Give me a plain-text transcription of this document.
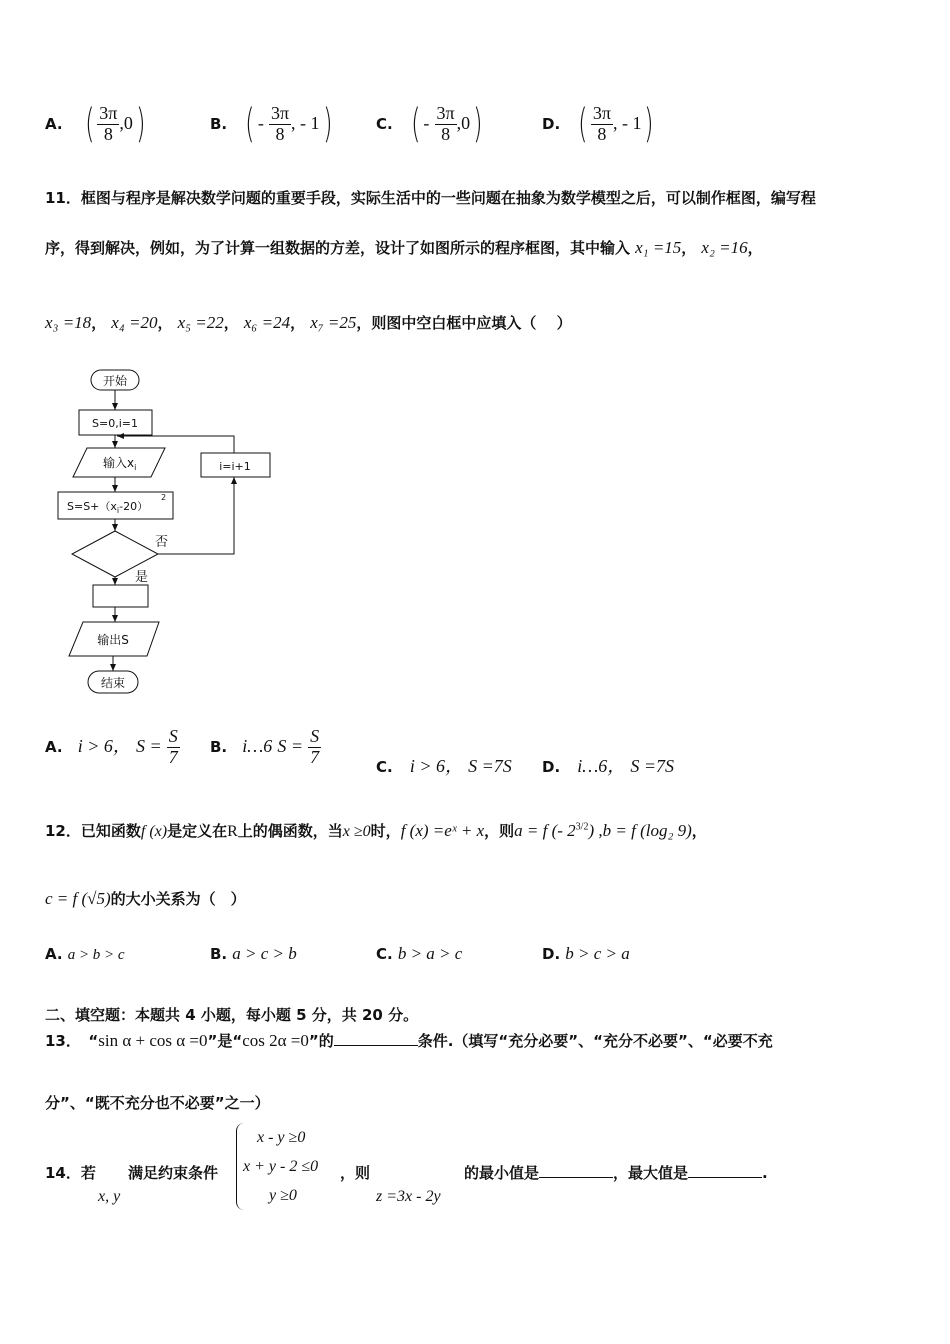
A. ( $\frac{3\pi}{8} ,0$)	B. ( - $\frac{3\pi}{8}$ , - 1)	C. ( - $\frac{3\pi}{8} ,0$)	D. ( $\frac{3\pi}{8}$ , - 1)
11．框图与程序是解决数学问题的重要手段，实际生活中的一些问题在抽象为数学模型之后，可以制作框图，编写程
序，得到解决，例如，为了计算一组数据的方差，设计了如图所示的程序框图，其中输入 x₁ =15， x₂ =16，
x₃ =18， x₄ =20， x₅ =22， x₆ =24， x₇ =25，则图中空白框中应填入（　 ）
开始
S=0,i=1
输入$x_i$
$S=S+(x_i-20)$
2
i=i+1
否
是
输出S
结束
A. i > 6， $S = \frac{S}{7} B$. i…6 $S = \frac{S}{7}$	C. i > 6， S =7S D. i…6， S =7S
12．已知函数f (x)是定义在R上的偶函数，当x ≥0时，f (x) =eˣ + x，则a = f (- $2^{3/2}$) ,b = f (log₂ 9)，
c = f (√5)的大小关系为（　）
A. a > b > c	B. a > c > b	C. b > a > c	D. b > c > a
二、填空题：本题共 4 小题，每小题 5 分，共 20 分。
13．　“sin α + cos α =0”是“cos 2α =0”的	条件.（填写“充分必要”、“充分不必要”、“必要不充
分”、“既不充分也不必要”之一）
14．若
x, y
满足约束条件
x - y ≥0
x + y - 2 ≤0
y ≥0
，则
z =3x - 2y
的最小值是	，最大值是	.
